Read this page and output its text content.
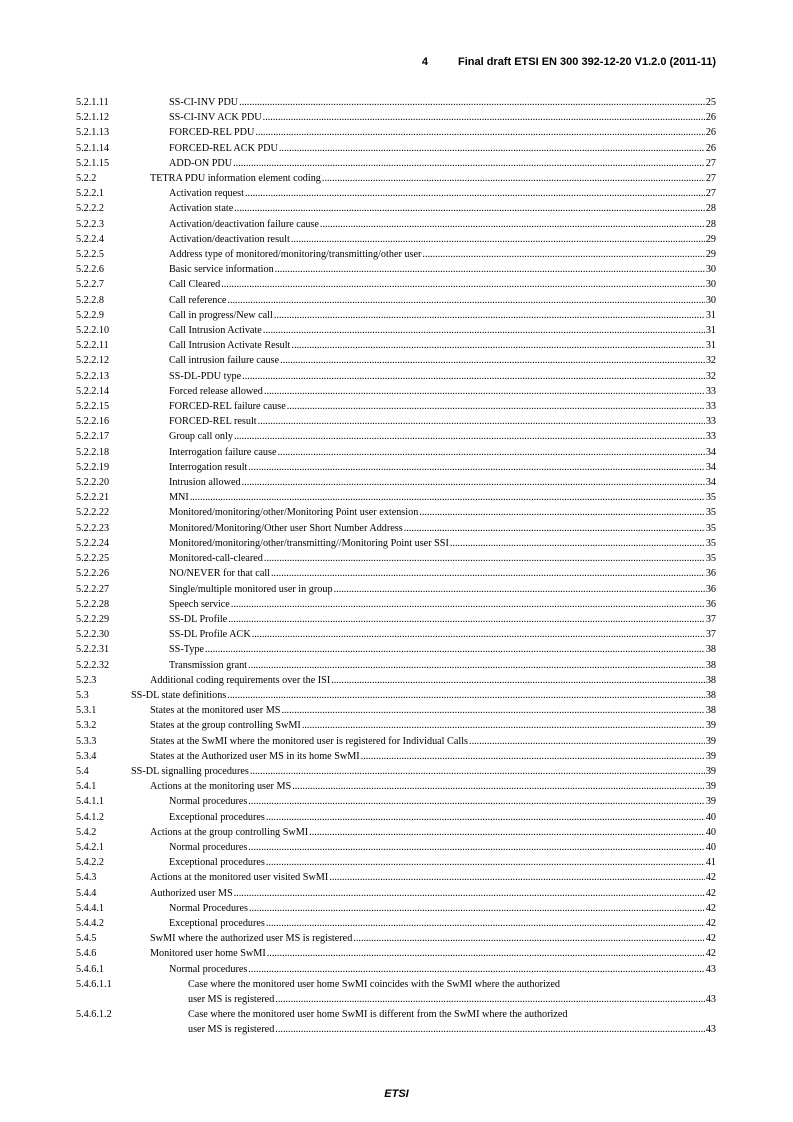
4	Final draft ETSI EN 300 392-12-20 V1.2.0 (2011-11)
5.2.1.11	SS-CI-INV PDU .....	25
5.2.1.12	SS-CI-INV ACK PDU .....	26
5.2.1.13	FORCED-REL PDU .....	26
5.2.1.14	FORCED-REL ACK PDU .....	26
5.2.1.15	ADD-ON PDU .....	27
5.2.2	TETRA PDU information element coding .....	27
5.2.2.1	Activation request .....	27
5.2.2.2	Activation state .....	28
5.2.2.3	Activation/deactivation failure cause .....	28
5.2.2.4	Activation/deactivation result .....	29
5.2.2.5	Address type of monitored/monitoring/transmitting/other user .....	29
5.2.2.6	Basic service information .....	30
5.2.2.7	Call Cleared .....	30
5.2.2.8	Call reference .....	30
5.2.2.9	Call in progress/New call .....	31
5.2.2.10	Call Intrusion Activate .....	31
5.2.2.11	Call Intrusion Activate Result .....	31
5.2.2.12	Call intrusion failure cause .....	32
5.2.2.13	SS-DL-PDU type .....	32
5.2.2.14	Forced release allowed .....	33
5.2.2.15	FORCED-REL failure cause .....	33
5.2.2.16	FORCED-REL result .....	33
5.2.2.17	Group call only .....	33
5.2.2.18	Interrogation failure cause .....	34
5.2.2.19	Interrogation result .....	34
5.2.2.20	Intrusion allowed .....	34
5.2.2.21	MNI .....	35
5.2.2.22	Monitored/monitoring/other/Monitoring Point user extension .....	35
5.2.2.23	Monitored/Monitoring/Other user Short Number Address .....	35
5.2.2.24	Monitored/monitoring/other/transmitting//Monitoring Point user SSI .....	35
5.2.2.25	Monitored-call-cleared .....	35
5.2.2.26	NO/NEVER for that call .....	36
5.2.2.27	Single/multiple monitored user in group .....	36
5.2.2.28	Speech service .....	36
5.2.2.29	SS-DL Profile .....	37
5.2.2.30	SS-DL Profile ACK .....	37
5.2.2.31	SS-Type .....	38
5.2.2.32	Transmission grant .....	38
5.2.3	Additional coding requirements over the ISI .....	38
5.3	SS-DL state definitions .....	38
5.3.1	States at the monitored user MS .....	38
5.3.2	States at the group controlling SwMI .....	39
5.3.3	States at the SwMI where the monitored user is registered for Individual Calls .....	39
5.3.4	States at the Authorized user MS in its home SwMI .....	39
5.4	SS-DL signalling procedures .....	39
5.4.1	Actions at the monitoring user MS .....	39
5.4.1.1	Normal procedures .....	39
5.4.1.2	Exceptional procedures .....	40
5.4.2	Actions at the group controlling SwMI .....	40
5.4.2.1	Normal procedures .....	40
5.4.2.2	Exceptional procedures .....	41
5.4.3	Actions at the monitored user visited SwMI .....	42
5.4.4	Authorized user MS .....	42
5.4.4.1	Normal Procedures .....	42
5.4.4.2	Exceptional procedures .....	42
5.4.5	SwMI where the authorized user MS is registered .....	42
5.4.6	Monitored user home SwMI .....	42
5.4.6.1	Normal procedures .....	43
5.4.6.1.1	Case where the monitored user home SwMI coincides with the SwMI where the authorized
user MS is registered .....	43
5.4.6.1.2	Case where the monitored user home SwMI is different from the SwMI where the authorized
user MS is registered .....	43
ETSI
